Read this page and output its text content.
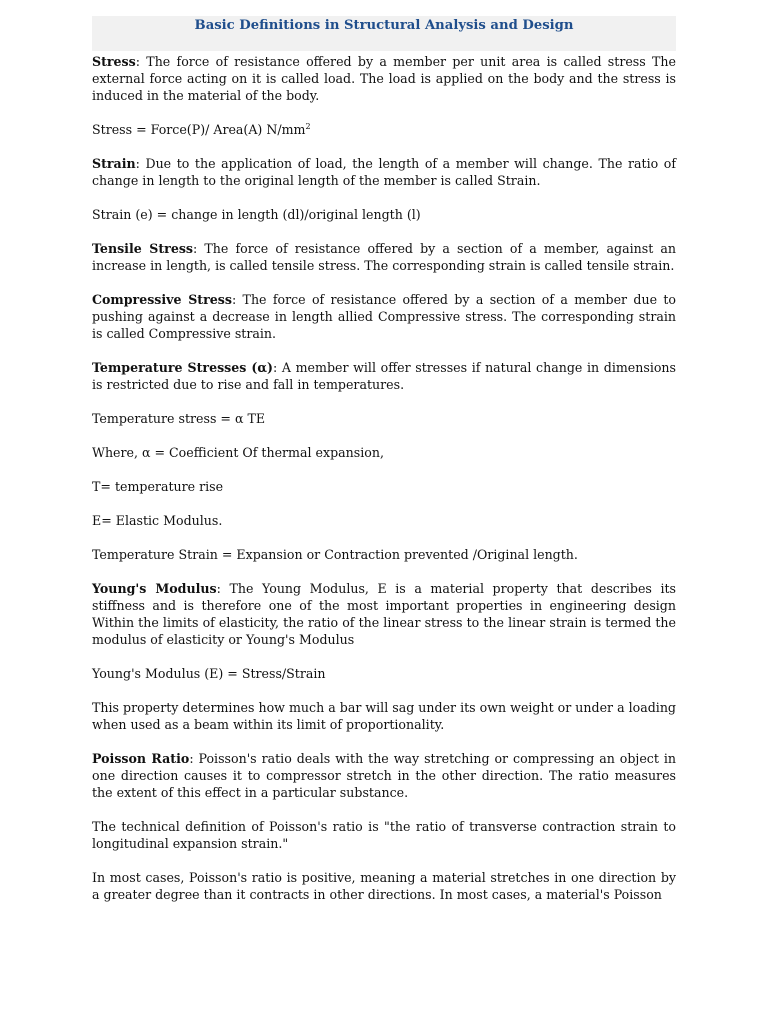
Basic Definitions in Structural Analysis and Design

Stress: The force of resistance offered by a member per unit area is called stress The external force acting on it is called load. The load is applied on the body and the stress is induced in the material of the body.

Stress = Force(P)/ Area(A) $N/mm^2$

Strain: Due to the application of load, the length of a member will change. The ratio of change in length to the original length of the member is called Strain.

Strain (e) = change in length (dl)/original length (l)

Tensile Stress: The force of resistance offered by a section of a member, against an increase in length, is called tensile stress. The corresponding strain is called tensile strain.

Compressive Stress: The force of resistance offered by a section of a member due to pushing against a decrease in length allied Compressive stress. The corresponding strain is called Compressive strain.

Temperature Stresses (α): A member will offer stresses if natural change in dimensions is restricted due to rise and fall in temperatures.

Temperature stress = α TE

Where, α = Coefficient Of thermal expansion,

T= temperature rise

E= Elastic Modulus.

Temperature Strain = Expansion or Contraction prevented /Original length.

Young's Modulus: The Young Modulus, E is a material property that describes its stiffness and is therefore one of the most important properties in engineering design Within the limits of elasticity, the ratio of the linear stress to the linear strain is termed the modulus of elasticity or Young's Modulus

Young's Modulus (E) = Stress/Strain

This property determines how much a bar will sag under its own weight or under a loading when used as a beam within its limit of proportionality.

Poisson Ratio: Poisson's ratio deals with the way stretching or compressing an object in one direction causes it to compressor stretch in the other direction. The ratio measures the extent of this effect in a particular substance.

The technical definition of Poisson's ratio is "the ratio of transverse contraction strain to longitudinal expansion strain."

In most cases, Poisson's ratio is positive, meaning a material stretches in one direction by a greater degree than it contracts in other directions. In most cases, a material's Poisson
